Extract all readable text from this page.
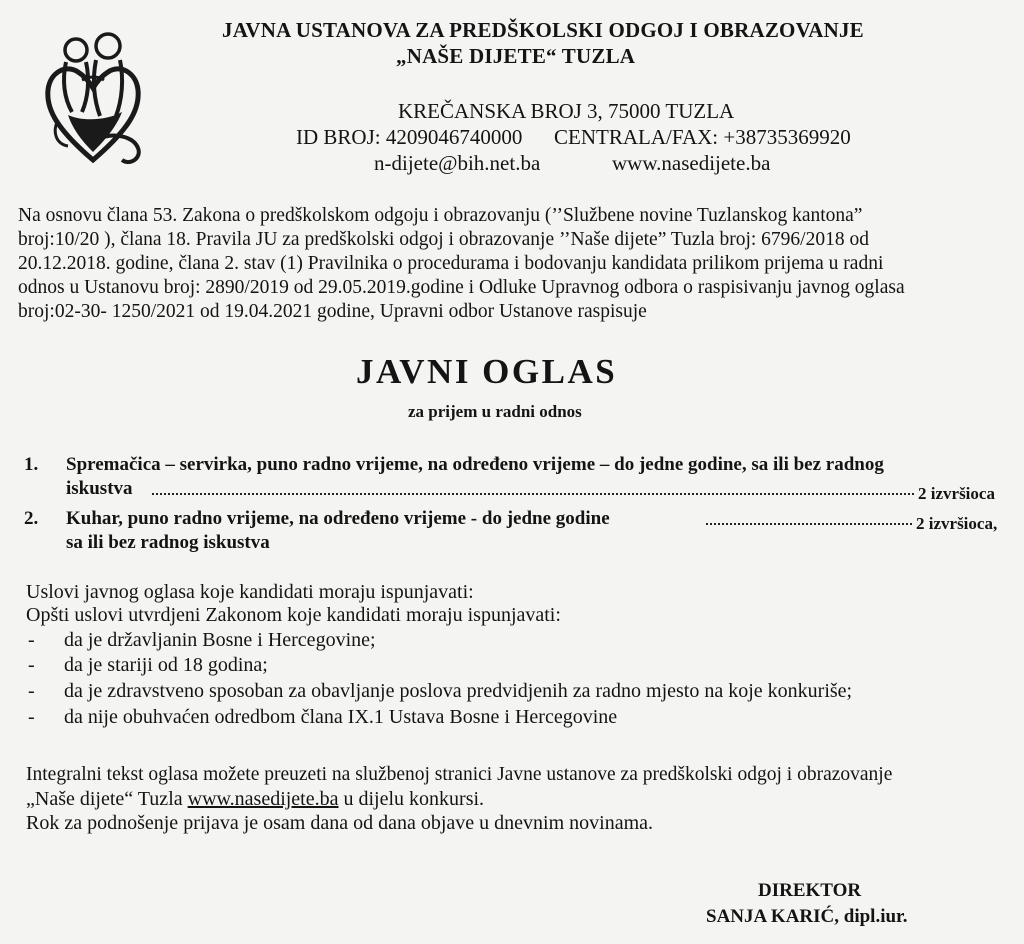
JAVNA USTANOVA ZA PREDŠKOLSKI ODGOJ I OBRAZOVANJE
„NAŠE DIJETE“ TUZLA
KREČANSKA BROJ 3, 75000 TUZLA
ID BROJ: 4209046740000 CENTRALA/FAX: +38735369920
n-dijete@bih.net.ba	www.nasedijete.ba
Na osnovu člana 53. Zakona o predškolskom odgoju i obrazovanju (’’Službene novine Tuzlanskog kantona”
broj:10/20 ), člana 18. Pravila JU za predškolski odgoj i obrazovanje ’’Naše dijete” Tuzla broj: 6796/2018 od
20.12.2018. godine, člana 2. stav (1) Pravilnika o procedurama i bodovanju kandidata prilikom prijema u radni
odnos u Ustanovu broj: 2890/2019 od 29.05.2019.godine i Odluke Upravnog odbora o raspisivanju javnog oglasa
broj:02-30- 1250/2021 od 19.04.2021 godine, Upravni odbor Ustanove raspisuje
JAVNI OGLAS
za prijem u radni odnos
1. Spremačica – servirka, puno radno vrijeme, na određeno vrijeme – do jedne godine, sa ili bez radnog
iskustva	2 izvršioca
2. Kuhar, puno radno vrijeme, na određeno vrijeme - do jedne godine	2 izvršioca,
sa ili bez radnog iskustva
Uslovi javnog oglasa koje kandidati moraju ispunjavati:
Opšti uslovi utvrdjeni Zakonom koje kandidati moraju ispunjavati:
- da je državljanin Bosne i Hercegovine;
- da je stariji od 18 godina;
- da je zdravstveno sposoban za obavljanje poslova predvidjenih za radno mjesto na koje konkuriše;
- da nije obuhvaćen odredbom člana IX.1 Ustava Bosne i Hercegovine
Integralni tekst oglasa možete preuzeti na službenoj stranici Javne ustanove za predškolski odgoj i obrazovanje
„Naše dijete“ Tuzla www.nasedijete.ba u dijelu konkursi.
Rok za podnošenje prijava je osam dana od dana objave u dnevnim novinama.
DIREKTOR
SANJA KARIĆ, dipl.iur.
